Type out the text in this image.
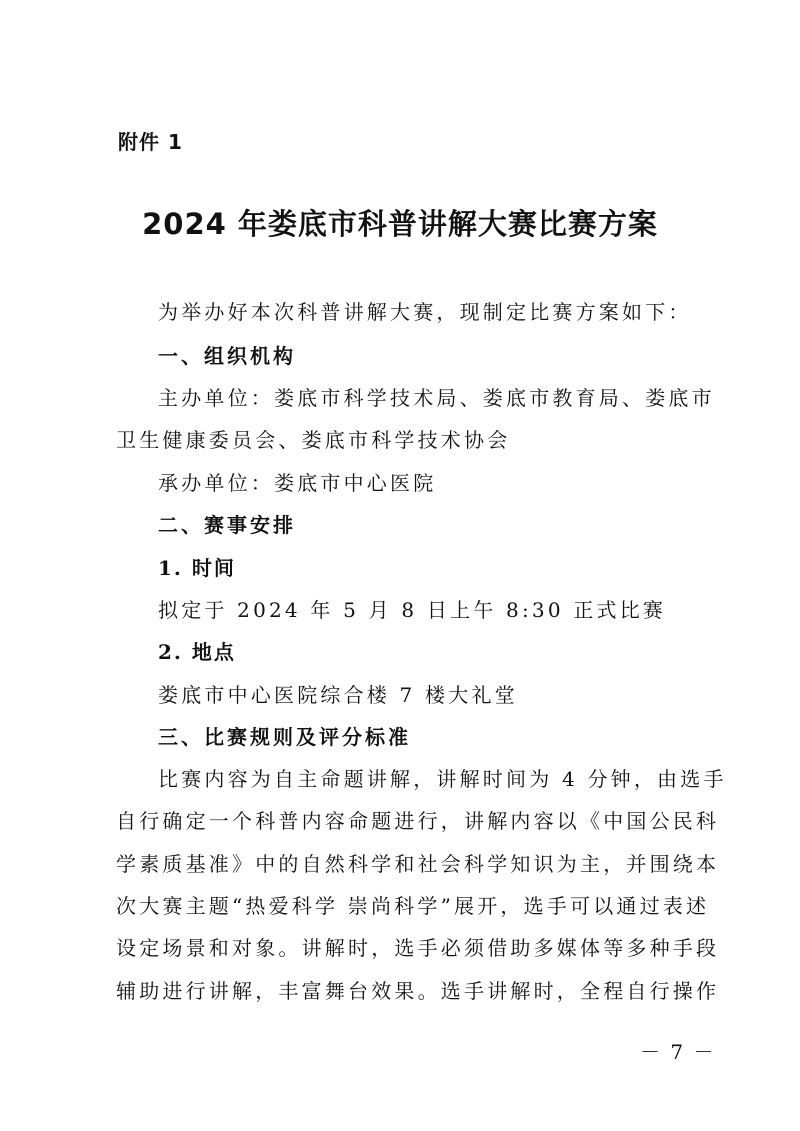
附件 1
2024 年娄底市科普讲解大赛比赛方案
为举办好本次科普讲解大赛，现制定比赛方案如下：
一、组织机构
主办单位：娄底市科学技术局、娄底市教育局、娄底市
卫生健康委员会、娄底市科学技术协会
承办单位：娄底市中心医院
二、赛事安排
1. 时间
拟定于 2024 年 5 月 8 日上午 8:30 正式比赛
2. 地点
娄底市中心医院综合楼 7 楼大礼堂
三、比赛规则及评分标准
比赛内容为自主命题讲解，讲解时间为 4 分钟，由选手
自行确定一个科普内容命题进行，讲解内容以《中国公民科
学素质基准》中的自然科学和社会科学知识为主，并围绕本
次大赛主题“热爱科学 崇尚科学”展开，选手可以通过表述
设定场景和对象。讲解时，选手必须借助多媒体等多种手段
辅助进行讲解，丰富舞台效果。选手讲解时，全程自行操作
－ 7 －
